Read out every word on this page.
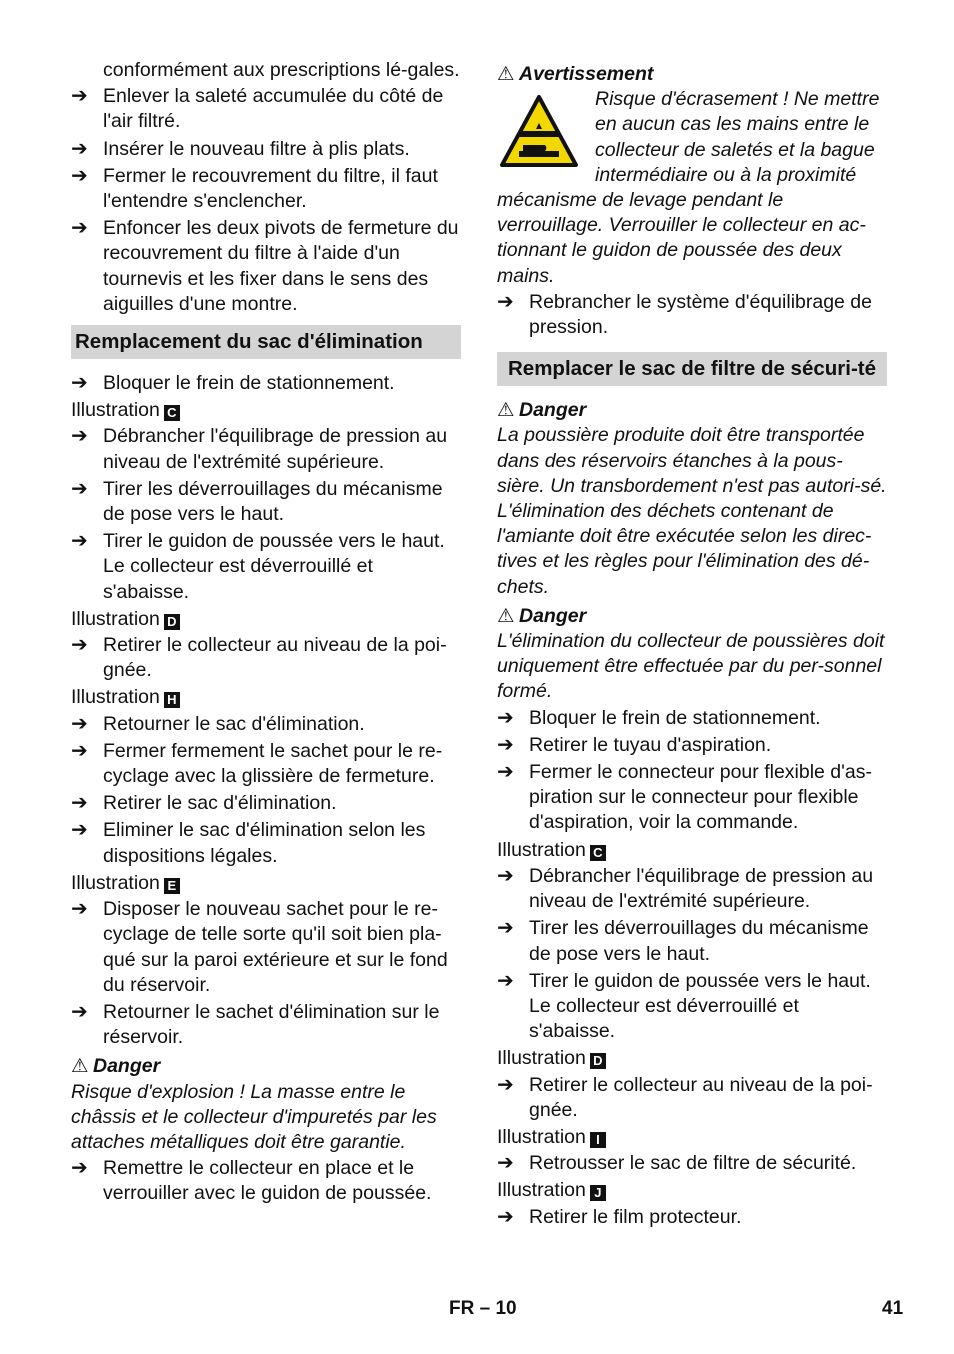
conformément aux prescriptions lé-gales.
➔ Enlever la saleté accumulée du côté de l'air filtré.
➔ Insérer le nouveau filtre à plis plats.
➔ Fermer le recouvrement du filtre, il faut l'entendre s'enclencher.
➔ Enfoncer les deux pivots de fermeture du recouvrement du filtre à l'aide d'un tournevis et les fixer dans le sens des aiguilles d'une montre.
Remplacement du sac d'élimination
➔ Bloquer le frein de stationnement.
Illustration C
➔ Débrancher l'équilibrage de pression au niveau de l'extrémité supérieure.
➔ Tirer les déverrouillages du mécanisme de pose vers le haut.
➔ Tirer le guidon de poussée vers le haut. Le collecteur est déverrouillé et s'abaisse.
Illustration D
➔ Retirer le collecteur au niveau de la poi-gnée.
Illustration H
➔ Retourner le sac d'élimination.
➔ Fermer fermement le sachet pour le re-cyclage avec la glissière de fermeture.
➔ Retirer le sac d'élimination.
➔ Eliminer le sac d'élimination selon les dispositions légales.
Illustration E
➔ Disposer le nouveau sachet pour le re-cyclage de telle sorte qu'il soit bien pla-qué sur la paroi extérieure et sur le fond du réservoir.
➔ Retourner le sachet d'élimination sur le réservoir.
⚠ Danger
Risque d'explosion ! La masse entre le châssis et le collecteur d'impuretés par les attaches métalliques doit être garantie.
➔ Remettre le collecteur en place et le verrouiller avec le guidon de poussée.
⚠ Avertissement
Risque d'écrasement ! Ne mettre en aucun cas les mains entre le collecteur de saletés et la bague intermédiaire ou à la proximité mécanisme de levage pendant le verrouillage. Verrouiller le collecteur en ac-tionnant le guidon de poussée des deux mains.
➔ Rebrancher le système d'équilibrage de pression.
Remplacer le sac de filtre de sécuri-té
⚠ Danger
La poussière produite doit être transportée dans des réservoirs étanches à la pous-sière. Un transbordement n'est pas autori-sé. L'élimination des déchets contenant de l'amiante doit être exécutée selon les direc-tives et les règles pour l'élimination des dé-chets.
⚠ Danger
L'élimination du collecteur de poussières doit uniquement être effectuée par du per-sonnel formé.
➔ Bloquer le frein de stationnement.
➔ Retirer le tuyau d'aspiration.
➔ Fermer le connecteur pour flexible d'as-piration sur le connecteur pour flexible d'aspiration, voir la commande.
Illustration C
➔ Débrancher l'équilibrage de pression au niveau de l'extrémité supérieure.
➔ Tirer les déverrouillages du mécanisme de pose vers le haut.
➔ Tirer le guidon de poussée vers le haut. Le collecteur est déverrouillé et s'abaisse.
Illustration D
➔ Retirer le collecteur au niveau de la poi-gnée.
Illustration I
➔ Retrousser le sac de filtre de sécurité.
Illustration J
➔ Retirer le film protecteur.
FR – 10	41
